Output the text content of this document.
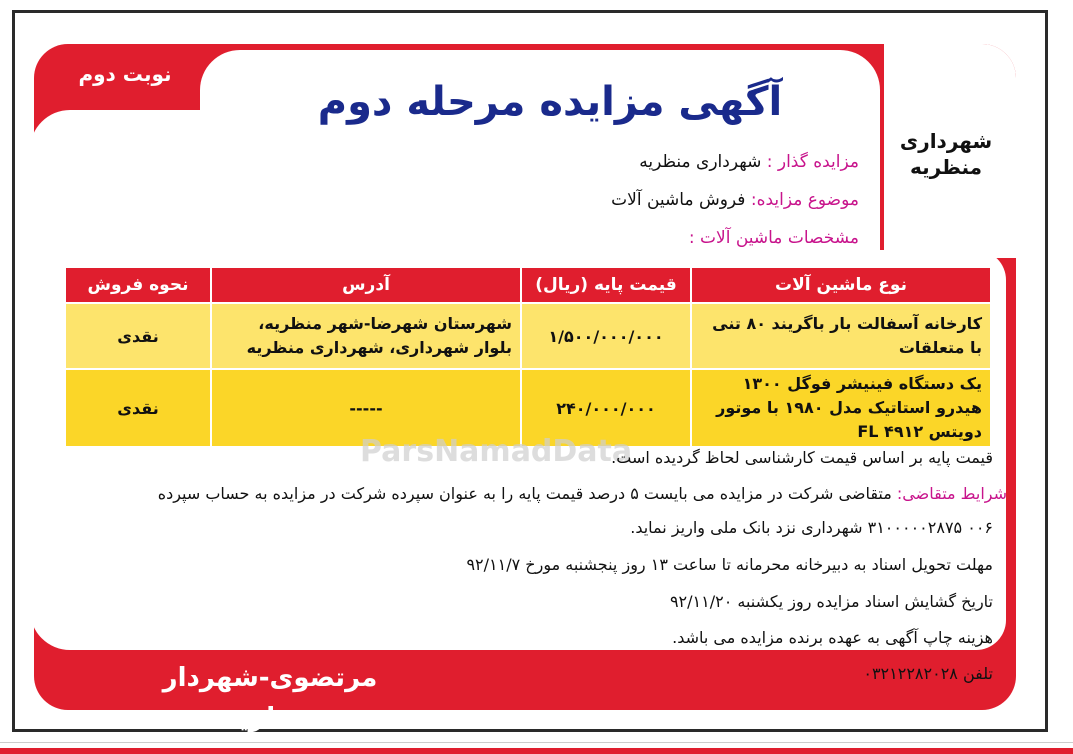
نوبت دوم
آگهی مزایده مرحله دوم
شهرداری منظریه
مزایده گذار : شهرداری منظریه
موضوع مزایده: فروش ماشین آلات
مشخصات ماشین آلات :
نوع ماشین آلات	قیمت پایه (ریال)	آدرس	نحوه فروش
کارخانه آسفالت بار باگریند ۸۰ تنی با متعلقات	۱/۵۰۰/۰۰۰/۰۰۰	شهرستان شهرضا-شهر منظریه، بلوار شهرداری، شهرداری منظریه	نقدی
یک دستگاه فینیشر فوگل ۱۳۰۰ هیدرو استاتیک مدل ۱۹۸۰ با موتور دویتس ۴۹۱۲ FL	۲۴۰/۰۰۰/۰۰۰	-----	نقدی
ParsNamadData
قیمت پایه بر اساس قیمت کارشناسی لحاظ گردیده است.
شرایط متقاضی: متقاضی شرکت در مزایده می بایست ۵ درصد قیمت پایه را به عنوان سپرده شرکت در مزایده به حساب سپرده
۰۰۶ ۳۱۰۰۰۰۰۲۸۷۵ شهرداری نزد بانک ملی واریز نماید.
مهلت تحویل اسناد به دبیرخانه محرمانه تا ساعت ۱۳ روز پنجشنبه مورخ ۹۲/۱۱/۷
تاریخ گشایش اسناد مزایده روز یکشنبه ۹۲/۱۱/۲۰
هزینه چاپ آگهی به عهده برنده مزایده می باشد.
مرتضوی-شهردار منظریه
تلفن ۰۳۲۱۲۲۸۲۰۲۸
